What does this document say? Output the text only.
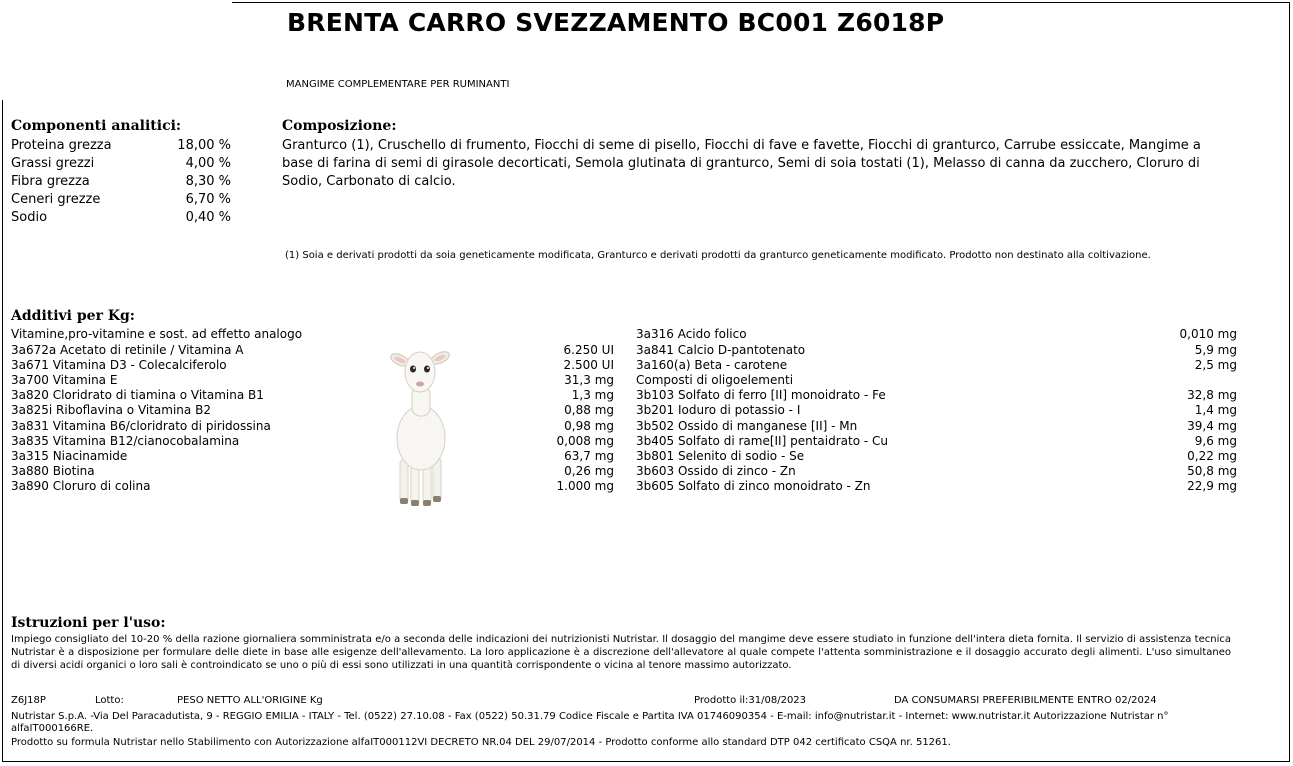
BRENTA CARRO SVEZZAMENTO BC001 Z6018P
MANGIME COMPLEMENTARE PER RUMINANTI
Componenti analitici:
Proteina grezza	18,00 %
Grassi grezzi	4,00 %
Fibra grezza	8,30 %
Ceneri grezze	6,70 %
Sodio	0,40 %
Composizione:
Granturco (1), Cruschello di frumento, Fiocchi di seme di pisello, Fiocchi di fave e favette, Fiocchi di granturco, Carrube essiccate, Mangime a base di farina di semi di girasole decorticati, Semola glutinata di granturco, Semi di soia tostati (1), Melasso di canna da zucchero, Cloruro di Sodio, Carbonato di calcio.
(1) Soia e derivati prodotti da soia geneticamente modificata, Granturco e derivati prodotti da granturco geneticamente modificato. Prodotto non destinato alla coltivazione.
Additivi per Kg:
Vitamine,pro-vitamine e sost. ad effetto analogo
3a672a Acetato di retinile / Vitamina A	6.250 UI
3a671 Vitamina D3 - Colecalciferolo	2.500 UI
3a700 Vitamina E	31,3 mg
3a820 Cloridrato di tiamina o Vitamina B1	1,3 mg
3a825i Riboflavina o Vitamina B2	0,88 mg
3a831 Vitamina B6/cloridrato di piridossina	0,98 mg
3a835 Vitamina B12/cianocobalamina	0,008 mg
3a315 Niacinamide	63,7 mg
3a880 Biotina	0,26 mg
3a890 Cloruro di colina	1.000 mg
3a316 Acido folico	0,010 mg
3a841 Calcio D-pantotenato	5,9 mg
3a160(a) Beta - carotene	2,5 mg
Composti di oligoelementi
3b103 Solfato di ferro [II] monoidrato - Fe	32,8 mg
3b201 Ioduro di potassio - I	1,4 mg
3b502 Ossido di manganese [II] - Mn	39,4 mg
3b405 Solfato di rame[II] pentaidrato - Cu	9,6 mg
3b801 Selenito di sodio - Se	0,22 mg
3b603 Ossido di zinco - Zn	50,8 mg
3b605 Solfato di zinco monoidrato - Zn	22,9 mg
Istruzioni per l'uso:
Impiego consigliato del 10-20 % della razione giornaliera somministrata e/o a seconda delle indicazioni dei nutrizionisti Nutristar. Il dosaggio del mangime deve essere studiato in funzione dell'intera dieta fornita. Il servizio di assistenza tecnica Nutristar è a disposizione per formulare delle diete in base alle esigenze dell'allevamento. La loro applicazione è a discrezione dell'allevatore al quale compete l'attenta somministrazione e il dosaggio accurato degli alimenti. L'uso simultaneo di diversi acidi organici o loro sali è controindicato se uno o più di essi sono utilizzati in una quantità corrispondente o vicina al tenore massimo autorizzato.
Z6J18P	Lotto:	PESO NETTO ALL'ORIGINE Kg	Prodotto il:31/08/2023	DA CONSUMARSI PREFERIBILMENTE ENTRO 02/2024
Nutristar S.p.A. -Via Del Paracadutista, 9 - REGGIO EMILIA - ITALY - Tel. (0522) 27.10.08 - Fax (0522) 50.31.79 Codice Fiscale e Partita IVA 01746090354 - E-mail: info@nutristar.it - Internet: www.nutristar.it Autorizzazione Nutristar n°
alfaIT000166RE.
Prodotto su formula Nutristar nello Stabilimento con Autorizzazione alfaIT000112VI DECRETO NR.04 DEL 29/07/2014 - Prodotto conforme allo standard DTP 042 certificato CSQA nr. 51261.
